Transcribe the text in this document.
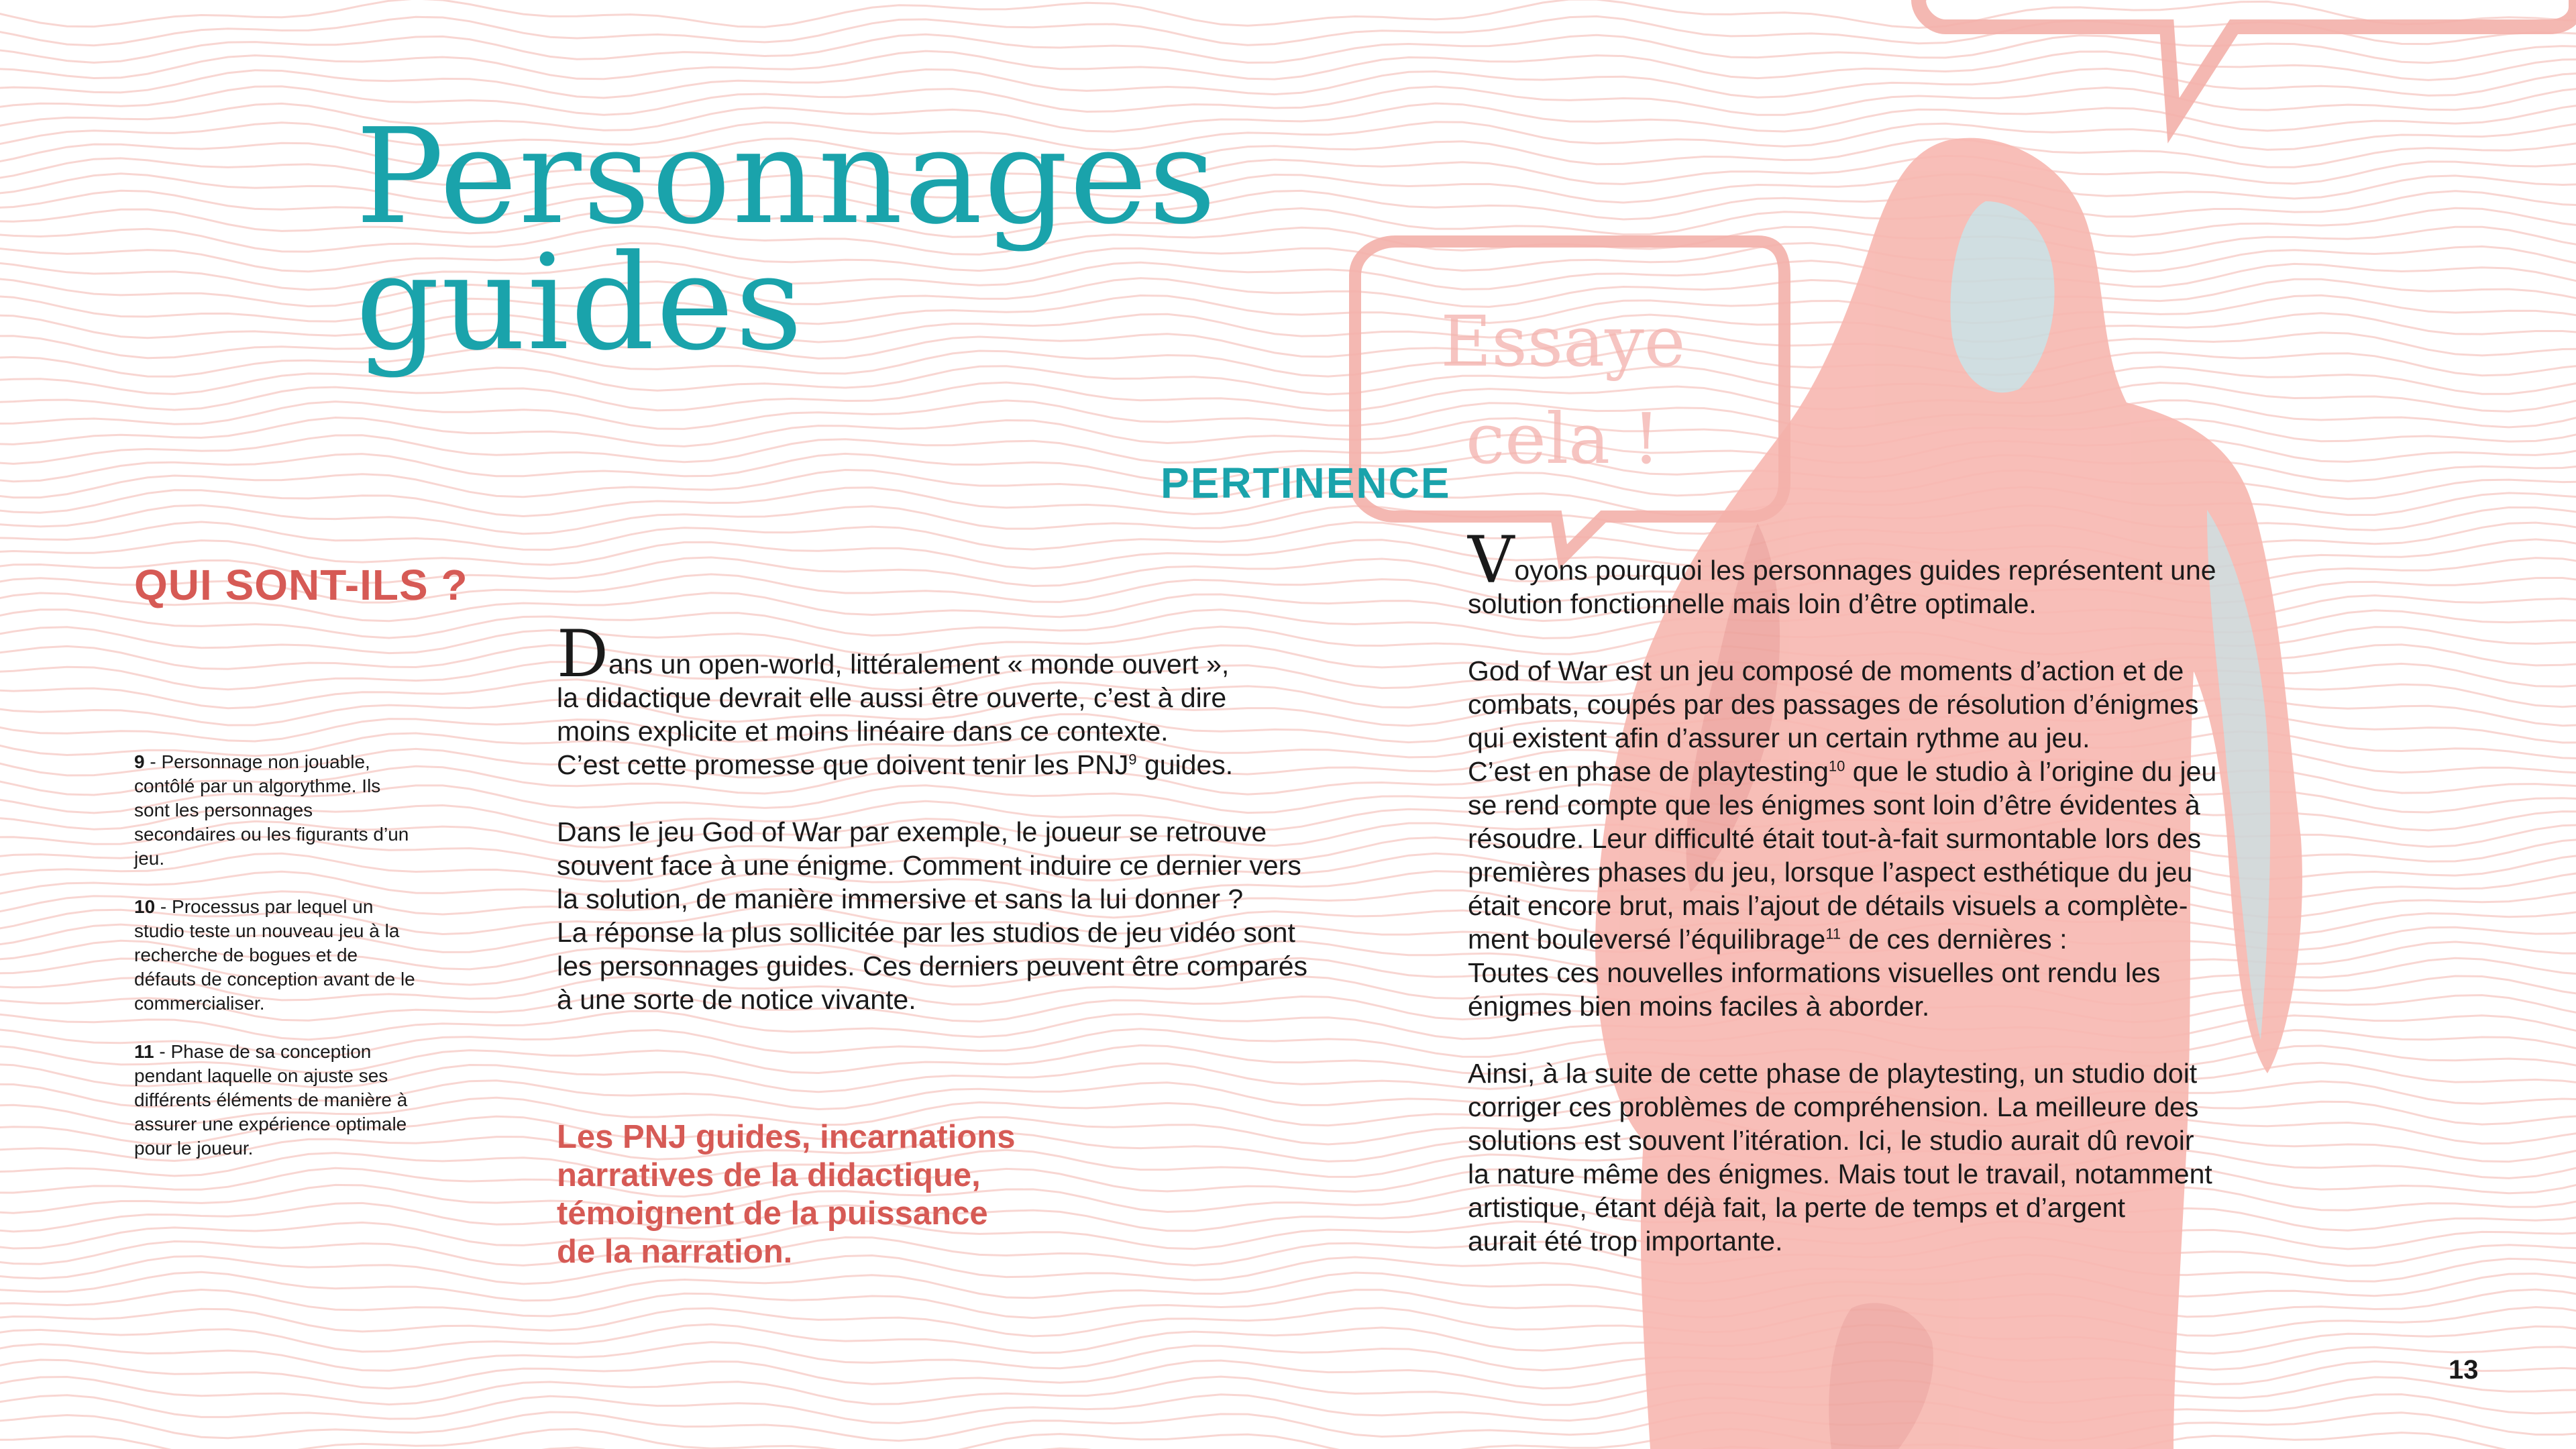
Essaye
cela !
Personnages
guides
QUI SONT-ILS ?
PERTINENCE
9 - Personnage non jouable, contôlé par un algorythme. Ils sont les personnages secondaires ou les figurants d’un jeu.
10 - Processus par lequel un studio teste un nouveau jeu à la recherche de bogues et de défauts de conception avant de le commercialiser.
11 - Phase de sa conception pendant laquelle on ajuste ses différents éléments de manière à assurer une expérience optimale pour le joueur.

Dans un open-world, littéralement « monde ouvert »,
la didactique devrait elle aussi être ouverte, c’est à dire
moins explicite et moins linéaire dans ce contexte.
C’est cette promesse que doivent tenir les PNJ$^9$ guides.

Dans le jeu God of War par exemple, le joueur se retrouve
souvent face à une énigme. Comment induire ce dernier vers
la solution, de manière immersive et sans la lui donner ?
La réponse la plus sollicitée par les studios de jeu vidéo sont
les personnages guides. Ces derniers peuvent être comparés
à une sorte de notice vivante.

Les PNJ guides, incarnations
narratives de la didactique,
témoignent de la puissance
de la narration.

Voyons pourquoi les personnages guides représentent une
solution fonctionnelle mais loin d’être optimale.

God of War est un jeu composé de moments d’action et de
combats, coupés par des passages de résolution d’énigmes
qui existent afin d’assurer un certain rythme au jeu.
C’est en phase de playtesting$^{10}$ que le studio à l’origine du jeu
se rend compte que les énigmes sont loin d’être évidentes à
résoudre. Leur difficulté était tout-à-fait surmontable lors des
premières phases du jeu, lorsque l’aspect esthétique du jeu
était encore brut, mais l’ajout de détails visuels a complète-
ment bouleversé l’équilibrage$^{11}$ de ces dernières :
Toutes ces nouvelles informations visuelles ont rendu les
énigmes bien moins faciles à aborder.

Ainsi, à la suite de cette phase de playtesting, un studio doit
corriger ces problèmes de compréhension. La meilleure des
solutions est souvent l’itération. Ici, le studio aurait dû revoir
la nature même des énigmes. Mais tout le travail, notamment
artistique, étant déjà fait, la perte de temps et d’argent
aurait été trop importante.

13
